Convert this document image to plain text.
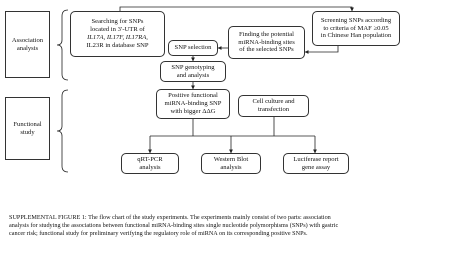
Association
analysis
Functional
study
Searching for SNPs
located in 3′-UTR of
IL17A, IL17F, IL17RA,
IL23R in database SNP
Screening SNPs according
to criteria of MAF ≥0.05
in Chinese Han population
Finding the potential
miRNA-binding sites
of the selected SNPs
SNP selection
SNP genotyping
and analysis
Positive functional
miRNA-binding SNP
with bigger ΔΔG
Cell culture and
transfection
qRT-PCR
analysis
Western Blot
analysis
Luciferase report
gene assay
SUPPLEMENTAL FIGURE 1: The flow chart of the study experiments. The experiments mainly consist of two parts: association
analysis for studying the associations between functional miRNA-binding sites single nucleotide polymorphisms (SNPs) with gastric
cancer risk; functional study for preliminary verifying the regulatory role of miRNA on its corresponding positive SNPs.
